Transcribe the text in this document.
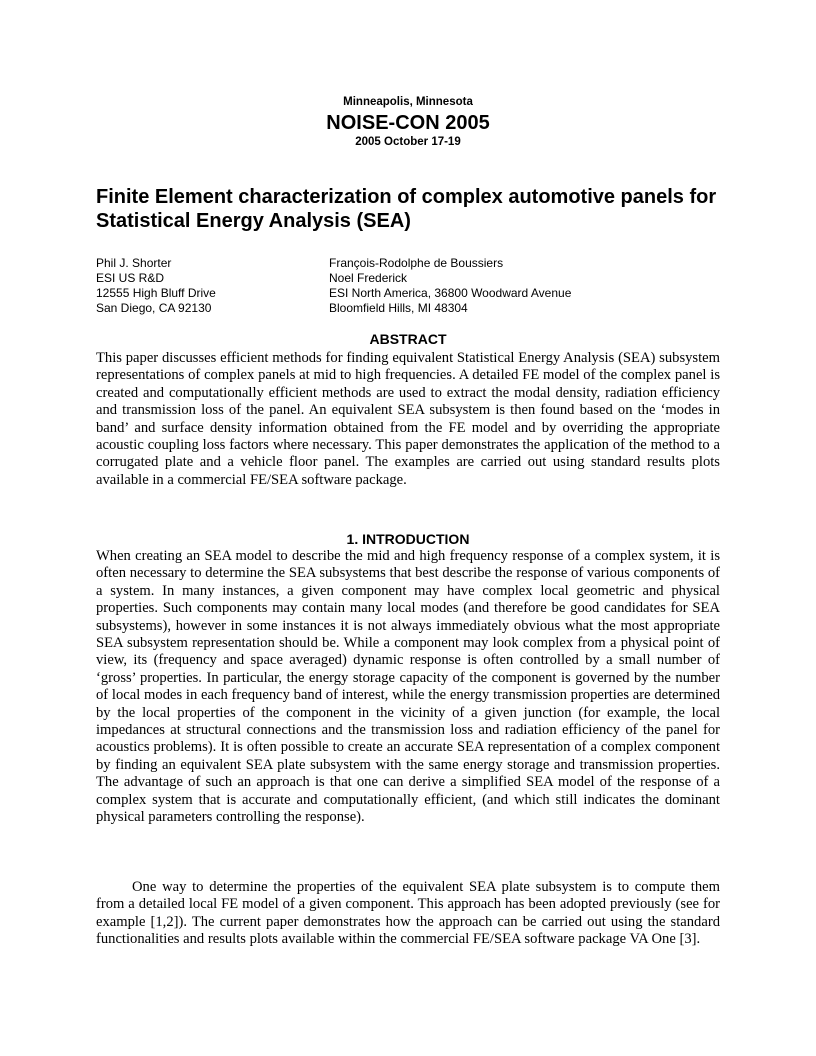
Minneapolis, Minnesota
NOISE-CON 2005
2005 October 17-19
Finite Element characterization of complex automotive panels for Statistical Energy Analysis (SEA)
Phil J. Shorter
ESI US R&D
12555 High Bluff Drive
San Diego, CA 92130
François-Rodolphe de Boussiers
Noel Frederick
ESI North America, 36800 Woodward Avenue
Bloomfield Hills, MI 48304
ABSTRACT

This paper discusses efficient methods for finding equivalent Statistical Energy Analysis (SEA) subsystem representations of complex panels at mid to high frequencies. A detailed FE model of the complex panel is created and computationally efficient methods are used to extract the modal density, radiation efficiency and transmission loss of the panel. An equivalent SEA subsystem is then found based on the ‘modes in band’ and surface density information obtained from the FE model and by overriding the appropriate acoustic coupling loss factors where necessary. This paper demonstrates the application of the method to a corrugated plate and a vehicle floor panel. The examples are carried out using standard results plots available in a commercial FE/SEA software package.

1. INTRODUCTION

When creating an SEA model to describe the mid and high frequency response of a complex system, it is often necessary to determine the SEA subsystems that best describe the response of various components of a system. In many instances, a given component may have complex local geometric and physical properties. Such components may contain many local modes (and therefore be good candidates for SEA subsystems), however in some instances it is not always immediately obvious what the most appropriate SEA subsystem representation should be. While a component may look complex from a physical point of view, its (frequency and space averaged) dynamic response is often controlled by a small number of ‘gross’ properties. In particular, the energy storage capacity of the component is governed by the number of local modes in each frequency band of interest, while the energy transmission properties are determined by the local properties of the component in the vicinity of a given junction (for example, the local impedances at structural connections and the transmission loss and radiation efficiency of the panel for acoustics problems). It is often possible to create an accurate SEA representation of a complex component by finding an equivalent SEA plate subsystem with the same energy storage and transmission properties. The advantage of such an approach is that one can derive a simplified SEA model of the response of a complex system that is accurate and computationally efficient, (and which still indicates the dominant physical parameters controlling the response).

One way to determine the properties of the equivalent SEA plate subsystem is to compute them from a detailed local FE model of a given component. This approach has been adopted previously (see for example [1,2]). The current paper demonstrates how the approach can be carried out using the standard functionalities and results plots available within the commercial FE/SEA software package VA One [3].
